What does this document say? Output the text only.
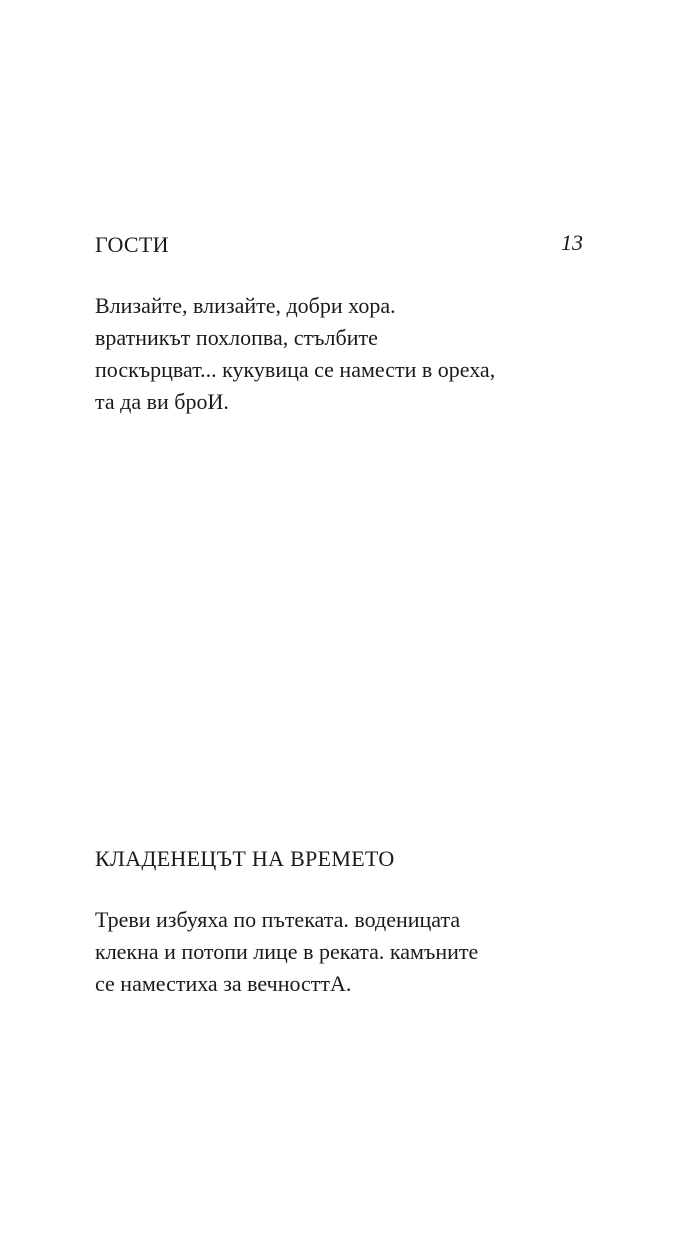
13
ГОСТИ
Влизайте, влизайте, добри хора.
вратникът похлопва, стълбите
поскърцват... кукувица се намести в ореха,
та да ви броИ.
КЛАДЕНЕЦЪТ НА ВРЕМЕТО
Треви избуяха по пътеката. воденицата
клекна и потопи лице в реката. камъните
се наместиха за вечносттА.
